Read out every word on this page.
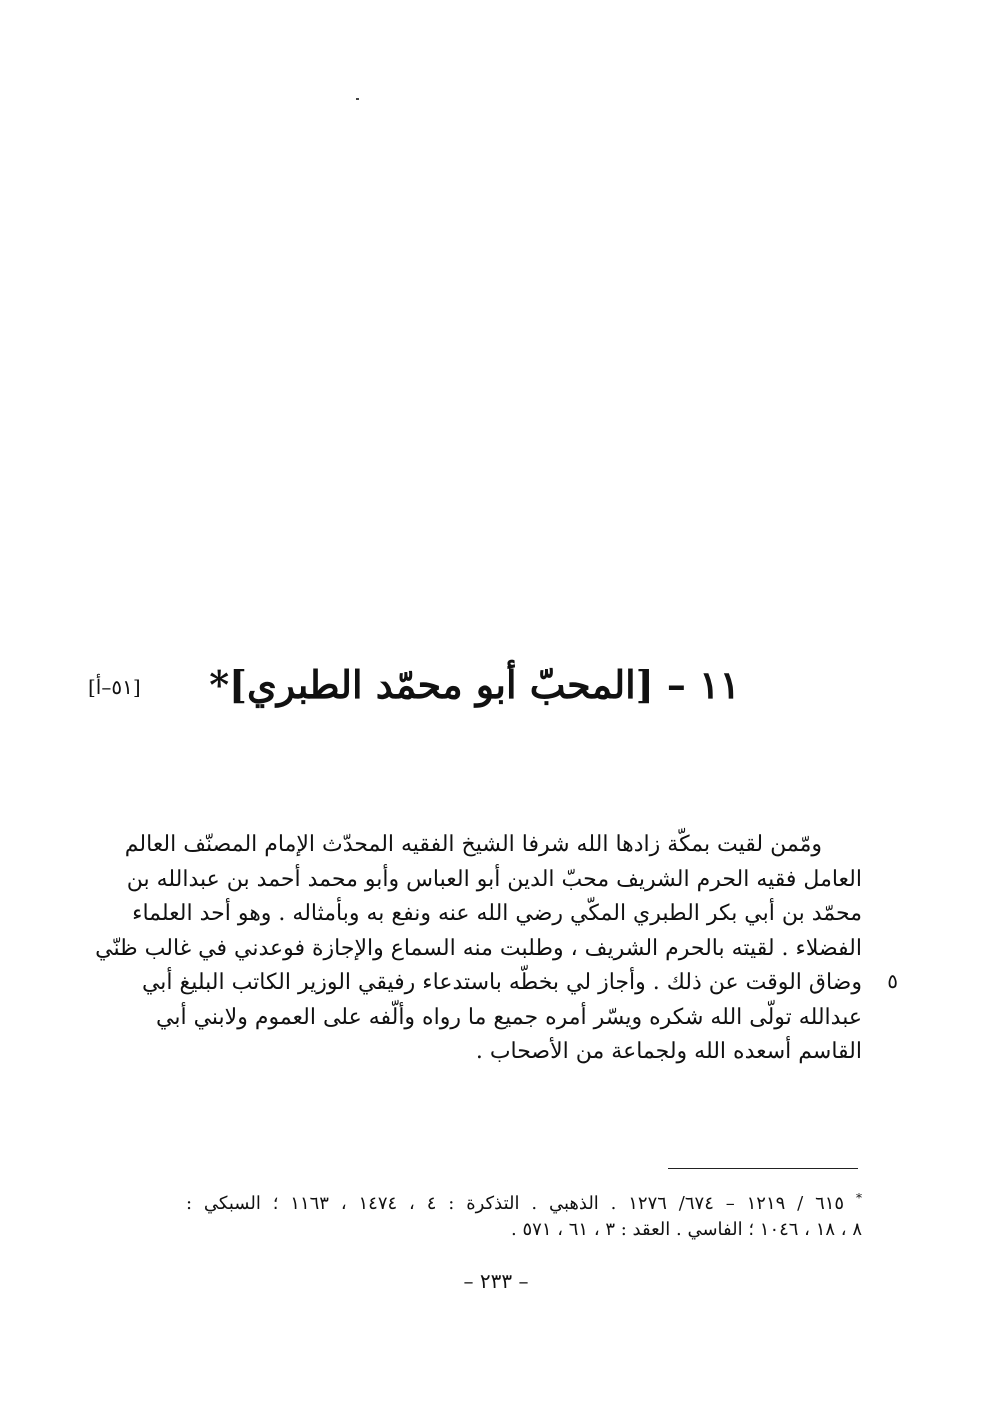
١١ – [المحبّ أبو محمّد الطبري]*
[٥١–أ]
ومّمن لقيت بمكّة زادها الله شرفا الشيخ الفقيه المحدّث الإمام المصنّف العالم
العامل فقيه الحرم الشريف محبّ الدين أبو العباس وأبو محمد أحمد بن عبدالله بن
محمّد بن أبي بكر الطبري المكّي رضي الله عنه ونفع به وبأمثاله . وهو أحد العلماء
الفضلاء . لقيته بالحرم الشريف ، وطلبت منه السماع والإجازة فوعدني في غالب ظنّي
وضاق الوقت عن ذلك . وأجاز لي بخطّه باستدعاء رفيقي الوزير الكاتب البليغ أبي
عبدالله تولّى الله شكره ويسّر أمره جميع ما رواه وألّفه على العموم ولابني أبي
القاسم أسعده الله ولجماعة من الأصحاب .
٥
* ٦١٥ / ١٢١٩ – ٦٧٤/ ١٢٧٦ . الذهبي . التذكرة : ٤ ، ١٤٧٤ ، ١١٦٣ ؛ السبكي :
٨ ، ١٨ ، ١٠٤٦ ؛ الفاسي . العقد : ٣ ، ٦١ ، ٥٧١ .
– ٢٣٣ –
